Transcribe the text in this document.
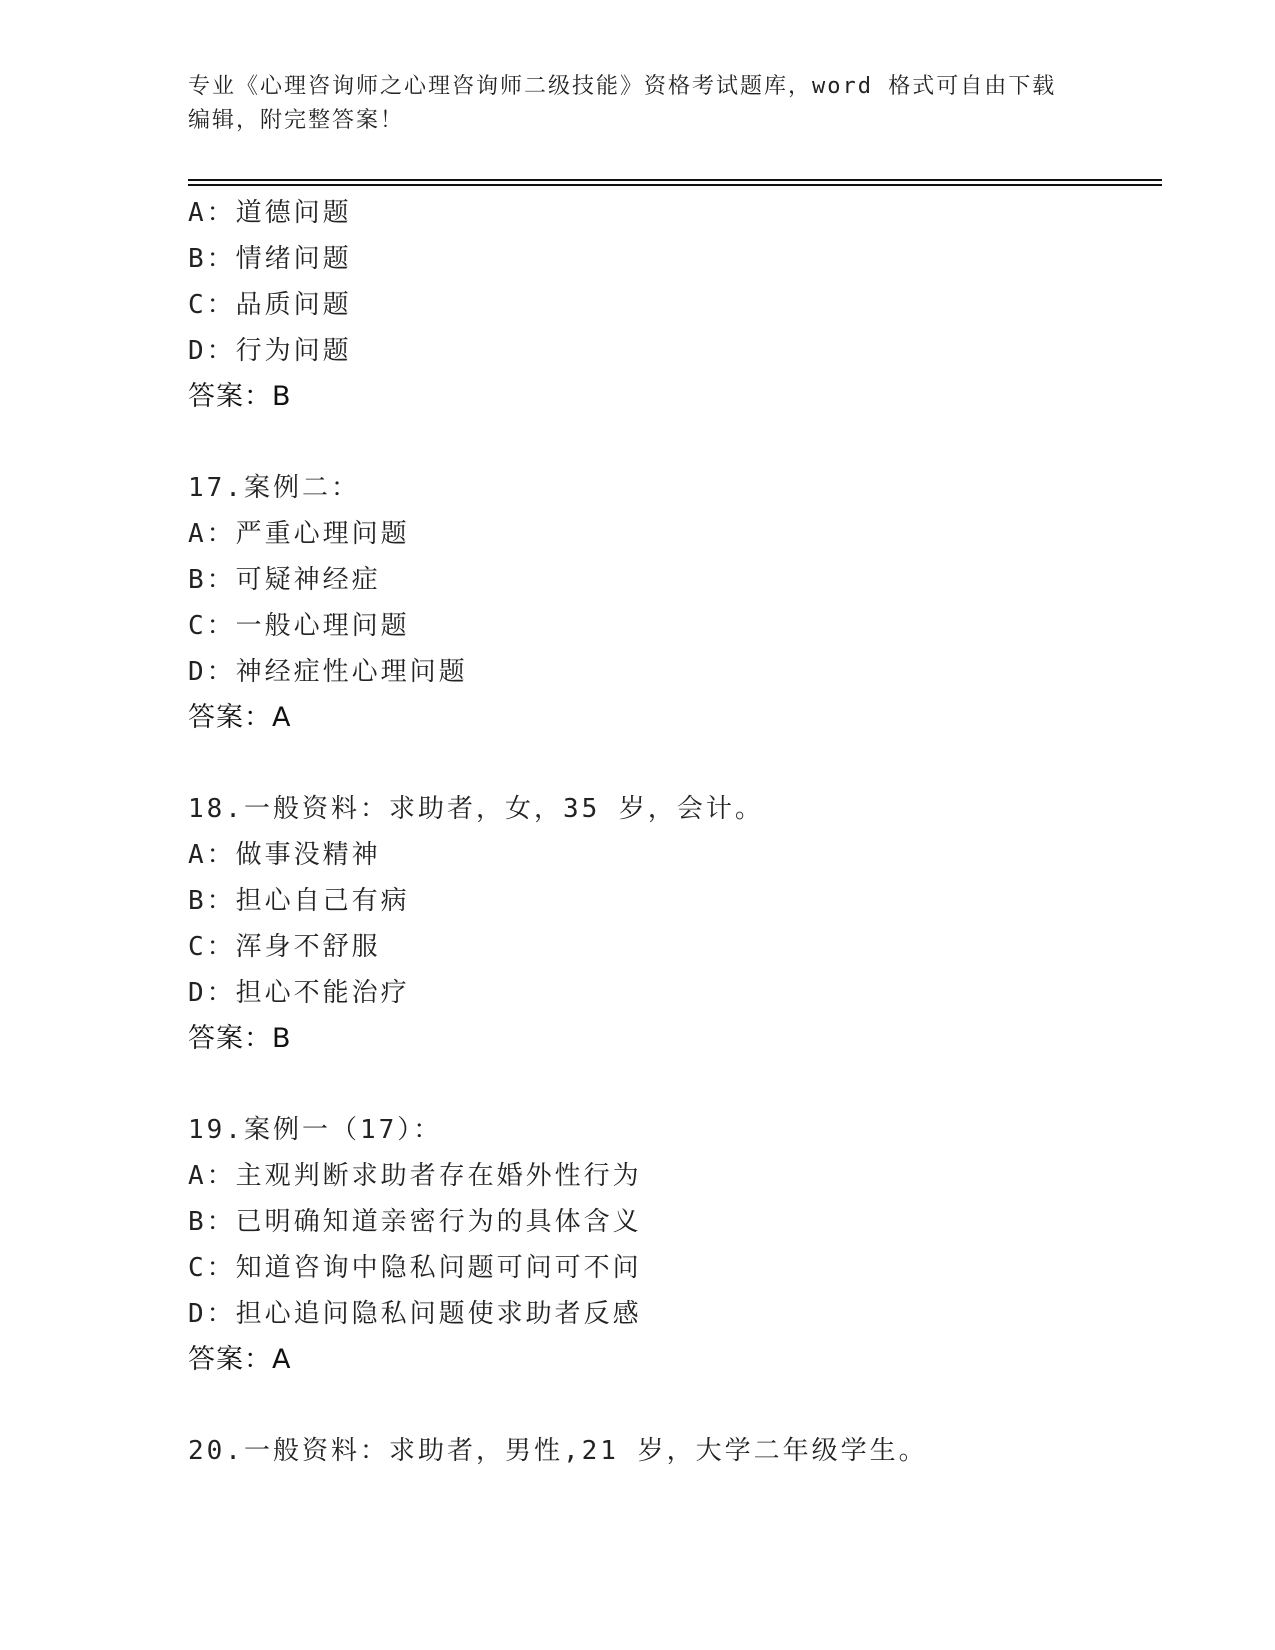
专业《心理咨询师之心理咨询师二级技能》资格考试题库，word 格式可自由下载
编辑，附完整答案！
A：道德问题
B：情绪问题
C：品质问题
D：行为问题
答案：B
17.案例二：
A：严重心理问题
B：可疑神经症
C：一般心理问题
D：神经症性心理问题
答案：A
18.一般资料：求助者，女，35 岁，会计。
A：做事没精神
B：担心自己有病
C：浑身不舒服
D：担心不能治疗
答案：B
19.案例一（17）：
A：主观判断求助者存在婚外性行为
B：已明确知道亲密行为的具体含义
C：知道咨询中隐私问题可问可不问
D：担心追问隐私问题使求助者反感
答案：A
20.一般资料：求助者，男性,21 岁，大学二年级学生。
